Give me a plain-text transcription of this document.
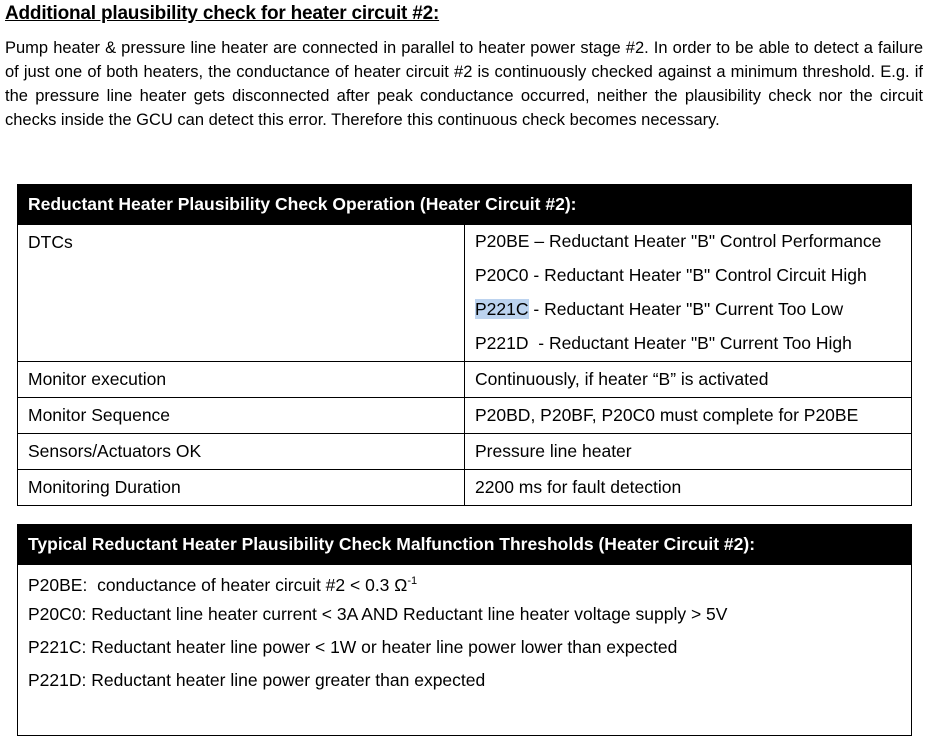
Additional plausibility check for heater circuit #2:

Pump heater & pressure line heater are connected in parallel to heater power stage #2. In order to be able to detect a failure of just one of both heaters, the conductance of heater circuit #2 is continuously checked against a minimum threshold. E.g. if the pressure line heater gets disconnected after peak conductance occurred, neither the plausibility check nor the circuit checks inside the GCU can detect this error. Therefore this continuous check becomes necessary.

Reductant Heater Plausibility Check Operation (Heater Circuit #2):	
DTCs	P20BE – Reductant Heater "B" Control Performance
P20C0 - Reductant Heater "B" Control Circuit High
P221C - Reductant Heater "B" Current Too Low
P221D  - Reductant Heater "B" Current Too High

Monitor execution	Continuously, if heater “B” is activated
Monitor Sequence	P20BD, P20BF, P20C0 must complete for P20BE
Sensors/Actuators OK	Pressure line heater
Monitoring Duration	2200 ms for fault detection
Typical Reductant Heater Plausibility Check Malfunction Thresholds (Heater Circuit #2):

P20BE:  conductance of heater circuit #2 < 0.3 $\Omega^{-1}$
P20C0: Reductant line heater current < 3A AND Reductant line heater voltage supply > 5V
P221C: Reductant heater line power < 1W or heater line power lower than expected
P221D: Reductant heater line power greater than expected
